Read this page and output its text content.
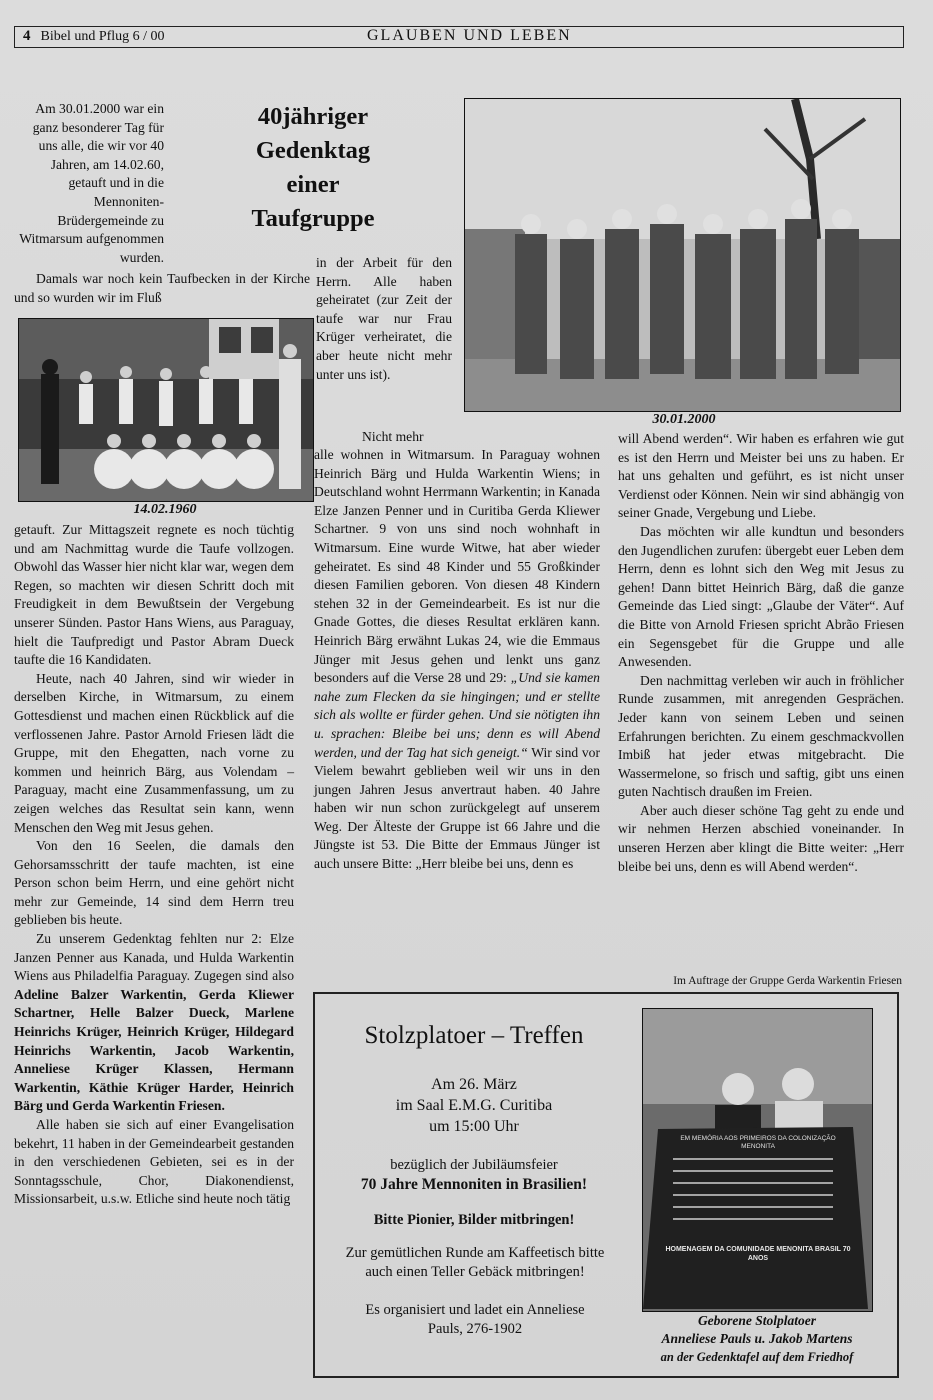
4 Bibel und Pflug 6 / 00	GLAUBEN UND LEBEN
Am 30.01.2000 war ein ganz besonderer Tag für uns alle, die wir vor 40 Jahren, am 14.02.60, getauft und in die Mennoniten-Brüdergemeinde zu Witmarsum aufgenommen wurden.
40jähriger
Gedenktag
einer
Taufgruppe

Damals war noch kein Taufbecken in der Kirche und so wurden wir im Fluß

14.02.1960

getauft. Zur Mittagszeit regnete es noch tüchtig und am Nachmittag wurde die Taufe vollzogen. Obwohl das Wasser hier nicht klar war, wegen dem Regen, so machten wir diesen Schritt doch mit Freudigkeit in dem Bewußtsein der Vergebung unserer Sünden. Pastor Hans Wiens, aus Paraguay, hielt die Taufpredigt und Pastor Abram Dueck taufte die 16 Kandidaten.

Heute, nach 40 Jahren, sind wir wieder in derselben Kirche, in Witmarsum, zu einem Gottesdienst und machen einen Rückblick auf die verflossenen Jahre. Pastor Arnold Friesen lädt die Gruppe, mit den Ehegatten, nach vorne zu kommen und heinrich Bärg, aus Volendam – Paraguay, macht eine Zusammenfassung, um zu zeigen welches das Resultat sein kann, wenn Menschen den Weg mit Jesus gehen.

Von den 16 Seelen, die damals den Gehorsamsschritt der taufe machten, ist eine Person schon beim Herrn, und eine gehört nicht mehr zur Gemeinde, 14 sind dem Herrn treu geblieben bis heute.

Zu unserem Gedenktag fehlten nur 2: Elze Janzen Penner aus Kanada, und Hulda Warkentin Wiens aus Philadelfia Paraguay. Zugegen sind also Adeline Balzer Warkentin, Gerda Kliewer Schartner, Helle Balzer Dueck, Marlene Heinrichs Krüger, Heinrich Krüger, Hildegard Heinrichs Warkentin, Jacob Warkentin, Anneliese Krüger Klassen, Hermann Warkentin, Käthie Krüger Harder, Heinrich Bärg und Gerda Warkentin Friesen.

Alle haben sie sich auf einer Evangelisation bekehrt, 11 haben in der Gemeindearbeit gestanden in den verschiedenen Gebieten, sei es in der Sonntagsschule, Chor, Diakonendienst, Missionsarbeit, u.s.w. Etliche sind heute noch tätig

in der Arbeit für den Herrn. Alle haben geheiratet (zur Zeit der taufe war nur Frau Krüger verheiratet, die aber heute nicht mehr unter uns ist).
Nicht mehr
30.01.2000

alle wohnen in Witmarsum. In Paraguay wohnen Heinrich Bärg und Hulda Warkentin Wiens; in Deutschland wohnt Herrmann Warkentin; in Kanada Elze Janzen Penner und in Curitiba Gerda Kliewer Schartner. 9 von uns sind noch wohnhaft in Witmarsum. Eine wurde Witwe, hat aber wieder geheiratet. Es sind 48 Kinder und 55 Großkinder diesen Familien geboren. Von diesen 48 Kindern stehen 32 in der Gemeindearbeit. Es ist nur die Gnade Gottes, die dieses Resultat erklären kann. Heinrich Bärg erwähnt Lukas 24, wie die Emmaus Jünger mit Jesus gehen und lenkt uns ganz besonders auf die Verse 28 und 29: „Und sie kamen nahe zum Flecken da sie hingingen; und er stellte sich als wollte er fürder gehen. Und sie nötigten ihn u. sprachen: Bleibe bei uns; denn es will Abend werden, und der Tag hat sich geneigt.“ Wir sind vor Vielem bewahrt geblieben weil wir uns in den jungen Jahren Jesus anvertraut haben. 40 Jahre haben wir nun schon zurückgelegt auf unserem Weg. Der Älteste der Gruppe ist 66 Jahre und die Jüngste ist 53. Die Bitte der Emmaus Jünger ist auch unsere Bitte: „Herr bleibe bei uns, denn es

will Abend werden“. Wir haben es erfahren wie gut es ist den Herrn und Meister bei uns zu haben. Er hat uns gehalten und geführt, es ist nicht unser Verdienst oder Können. Nein wir sind abhängig von seiner Gnade, Vergebung und Liebe.

Das möchten wir alle kundtun und besonders den Jugendlichen zurufen: übergebt euer Leben dem Herrn, denn es lohnt sich den Weg mit Jesus zu gehen! Dann bittet Heinrich Bärg, daß die ganze Gemeinde das Lied singt: „Glaube der Väter“. Auf die Bitte von Arnold Friesen spricht Abrão Friesen ein Segensgebet für die Gruppe und alle Anwesenden.

Den nachmittag verleben wir auch in fröhlicher Runde zusammen, mit anregenden Gesprächen. Jeder kann von seinem Leben und seinen Erfahrungen berichten. Zu einem geschmackvollen Imbiß hat jeder etwas mitgebracht. Die Wassermelone, so frisch und saftig, gibt uns einen guten Nachtisch draußen im Freien.

Aber auch dieser schöne Tag geht zu ende und wir nehmen Herzen abschied voneinander. In unseren Herzen aber klingt die Bitte weiter: „Herr bleibe bei uns, denn es will Abend werden“.

Im Auftrage der Gruppe Gerda Warkentin Friesen
Stolzplatoer – Treffen
Am 26. März
im Saal E.M.G. Curitiba
um 15:00 Uhr
bezüglich der Jubiläumsfeier
70 Jahre Mennoniten in Brasilien!
Bitte Pionier, Bilder mitbringen!
Zur gemütlichen Runde am Kaffeetisch bitte auch einen Teller Gebäck mitbringen!
Es organisiert und ladet ein Anneliese Pauls, 276-1902
EM MEMÓRIA AOS PRIMEIROS DA COLONIZAÇÃO MENONITA
HOMENAGEM DA COMUNIDADE MENONITA BRASIL 70 ANOS
Geborene Stolplatoer
Anneliese Pauls u. Jakob Martens
an der Gedenktafel auf dem Friedhof
